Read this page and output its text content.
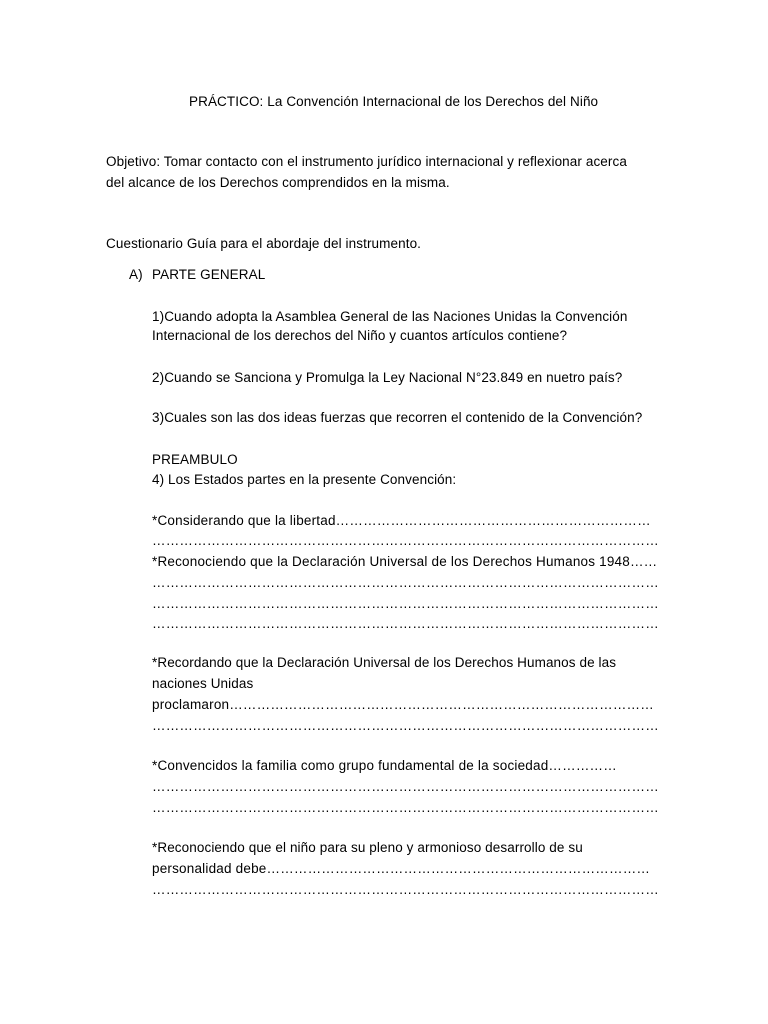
PRÁCTICO: La Convención Internacional de los Derechos del Niño
Objetivo: Tomar contacto con el instrumento jurídico internacional y reflexionar acerca
del alcance de los Derechos comprendidos en la misma.
Cuestionario Guía para el abordaje del instrumento.
A) PARTE GENERAL
1)Cuando adopta la Asamblea General de las Naciones Unidas la Convención
Internacional de los derechos del Niño y cuantos artículos contiene?
2)Cuando se Sanciona y Promulga la Ley Nacional N°23.849 en nuetro país?
3)Cuales son las dos ideas fuerzas que recorren el contenido de la Convención?
PREAMBULO
4) Los Estados partes en la presente Convención:
*Considerando que la libertad……………………………………………………………
…………………………………………………………………………………………………
*Reconociendo que la Declaración Universal de los Derechos Humanos 1948……
…………………………………………………………………………………………………
…………………………………………………………………………………………………
…………………………………………………………………………………………………
*Recordando que la Declaración Universal de los Derechos Humanos de las
naciones Unidas
proclamaron…………………………………………………………………………………
…………………………………………………………………………………………………
*Convencidos la familia como grupo fundamental de la sociedad……………
…………………………………………………………………………………………………
…………………………………………………………………………………………………
*Reconociendo que el niño para su pleno y armonioso desarrollo de su
personalidad debe…………………………………………………………………………
…………………………………………………………………………………………………
